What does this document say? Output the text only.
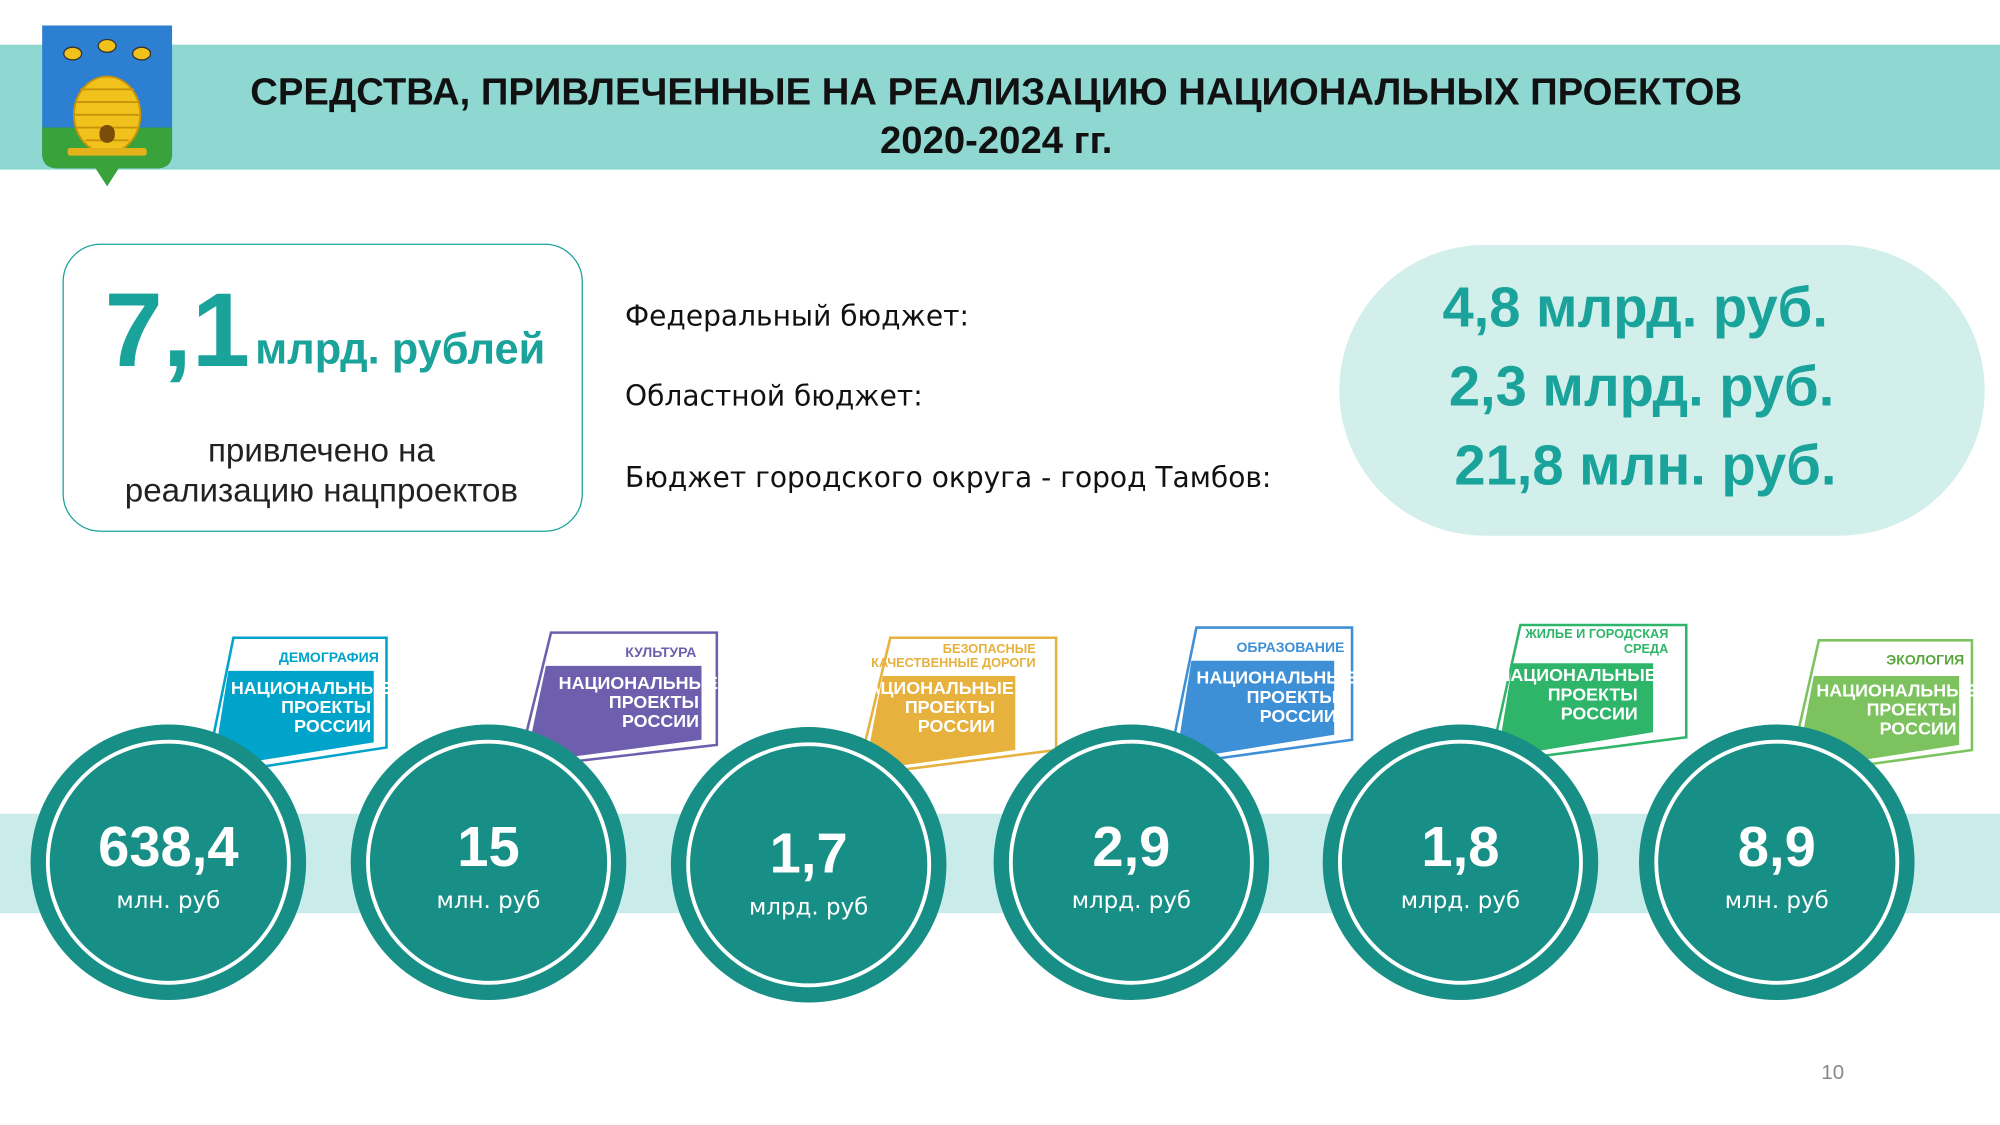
СРЕДСТВА, ПРИВЛЕЧЕННЫЕ НА РЕАЛИЗАЦИЮ НАЦИОНАЛЬНЫХ ПРОЕКТОВ
2020-2024 гг.
7,1 млрд. рублей
привлечено на
реализацию нацпроектов
Федеральный бюджет:
Областной бюджет:
Бюджет городского округа - город Тамбов:
4,8 млрд. руб.
2,3 млрд. руб.
21,8 млн. руб.
ДЕМОГРАФИЯ
НАЦИОНАЛЬНЫЕ
ПРОЕКТЫ
РОССИИ
КУЛЬТУРА
НАЦИОНАЛЬНЫЕ
ПРОЕКТЫ
РОССИИ
БЕЗОПАСНЫЕ КАЧЕСТВЕННЫЕ ДОРОГИ
НАЦИОНАЛЬНЫЕ
ПРОЕКТЫ
РОССИИ
ОБРАЗОВАНИЕ
НАЦИОНАЛЬНЫЕ
ПРОЕКТЫ
РОССИИ
ЖИЛЬЕ И ГОРОДСКАЯ СРЕДА
НАЦИОНАЛЬНЫЕ
ПРОЕКТЫ
РОССИИ
ЭКОЛОГИЯ
НАЦИОНАЛЬНЫЕ
ПРОЕКТЫ
РОССИИ
638,4
млн. руб
15
млн. руб
1,7
млрд. руб
2,9
млрд. руб
1,8
млрд. руб
8,9
млн. руб
10
